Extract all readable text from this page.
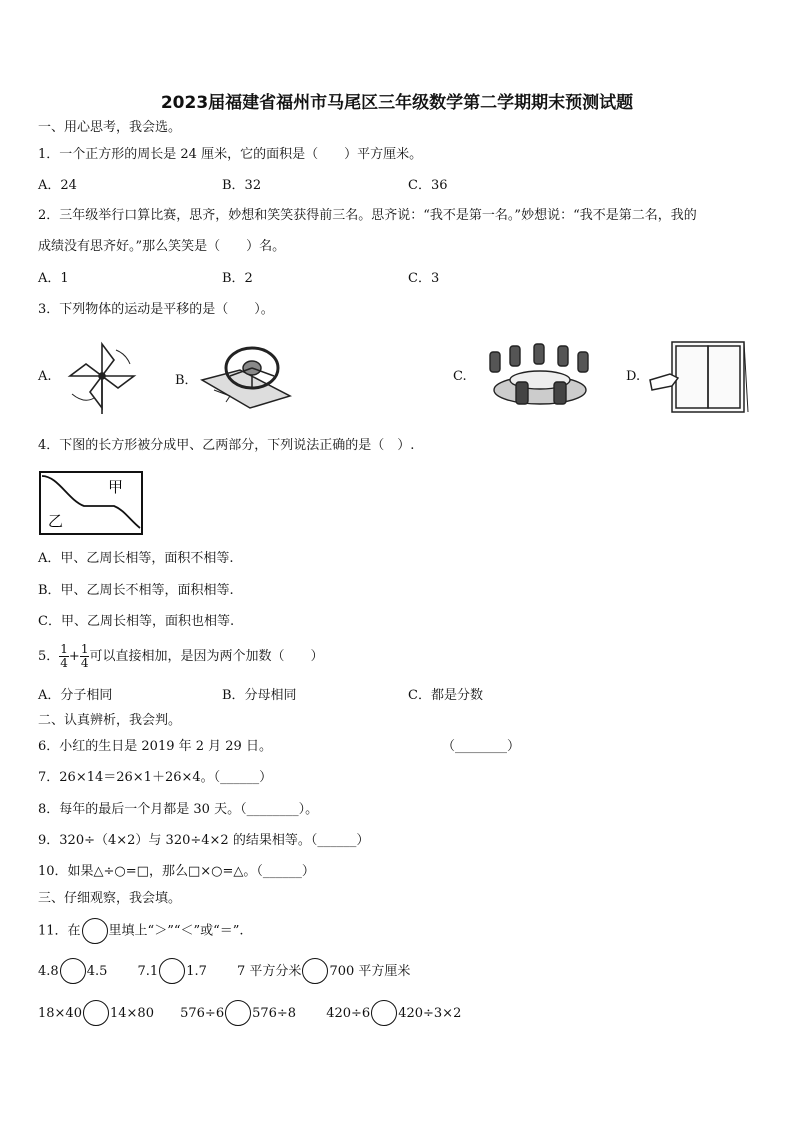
2023届福建省福州市马尾区三年级数学第二学期期末预测试题
一、用心思考，我会选。
1．一个正方形的周长是 24 厘米，它的面积是（　　）平方厘米。
A．24	B．32	C．36
2．三年级举行口算比赛，思齐，妙想和笑笑获得前三名。思齐说：“我不是第一名。”妙想说：“我不是第二名，我的
成绩没有思齐好。”那么笑笑是（　　）名。
A．1	B．2	C．3
3．下列物体的运动是平移的是（　　）。
A.	B．	C.	D.
4．下图的长方形被分成甲、乙两部分，下列说法正确的是（　）.
甲
乙
A．甲、乙周长相等，面积不相等.
B．甲、乙周长不相等，面积相等.
C．甲、乙周长相等，面积也相等.
5． $\frac{1}{4} + \frac{1}{4}$ 可以直接相加，是因为两个加数（　　）
A．分子相同	B．分母相同	C．都是分数
二、认真辨析，我会判。
6．小红的生日是 2019 年 2 月 29 日。	（________）
7．26×14＝26×1＋26×4。（______）
8．每年的最后一个月都是 30 天。（________）。
9．320÷（4×2）与 320÷4×2 的结果相等。（______）
10．如果△÷○=□，那么□×○=△。（______）
三、仔细观察，我会填。
11．在 里填上“＞”“＜”或“＝”.
4.8 4.5 7.1 1.7 7 平方分米 700 平方厘米
18×40 14×80 576÷6 576÷8 420÷6 420÷3×2
